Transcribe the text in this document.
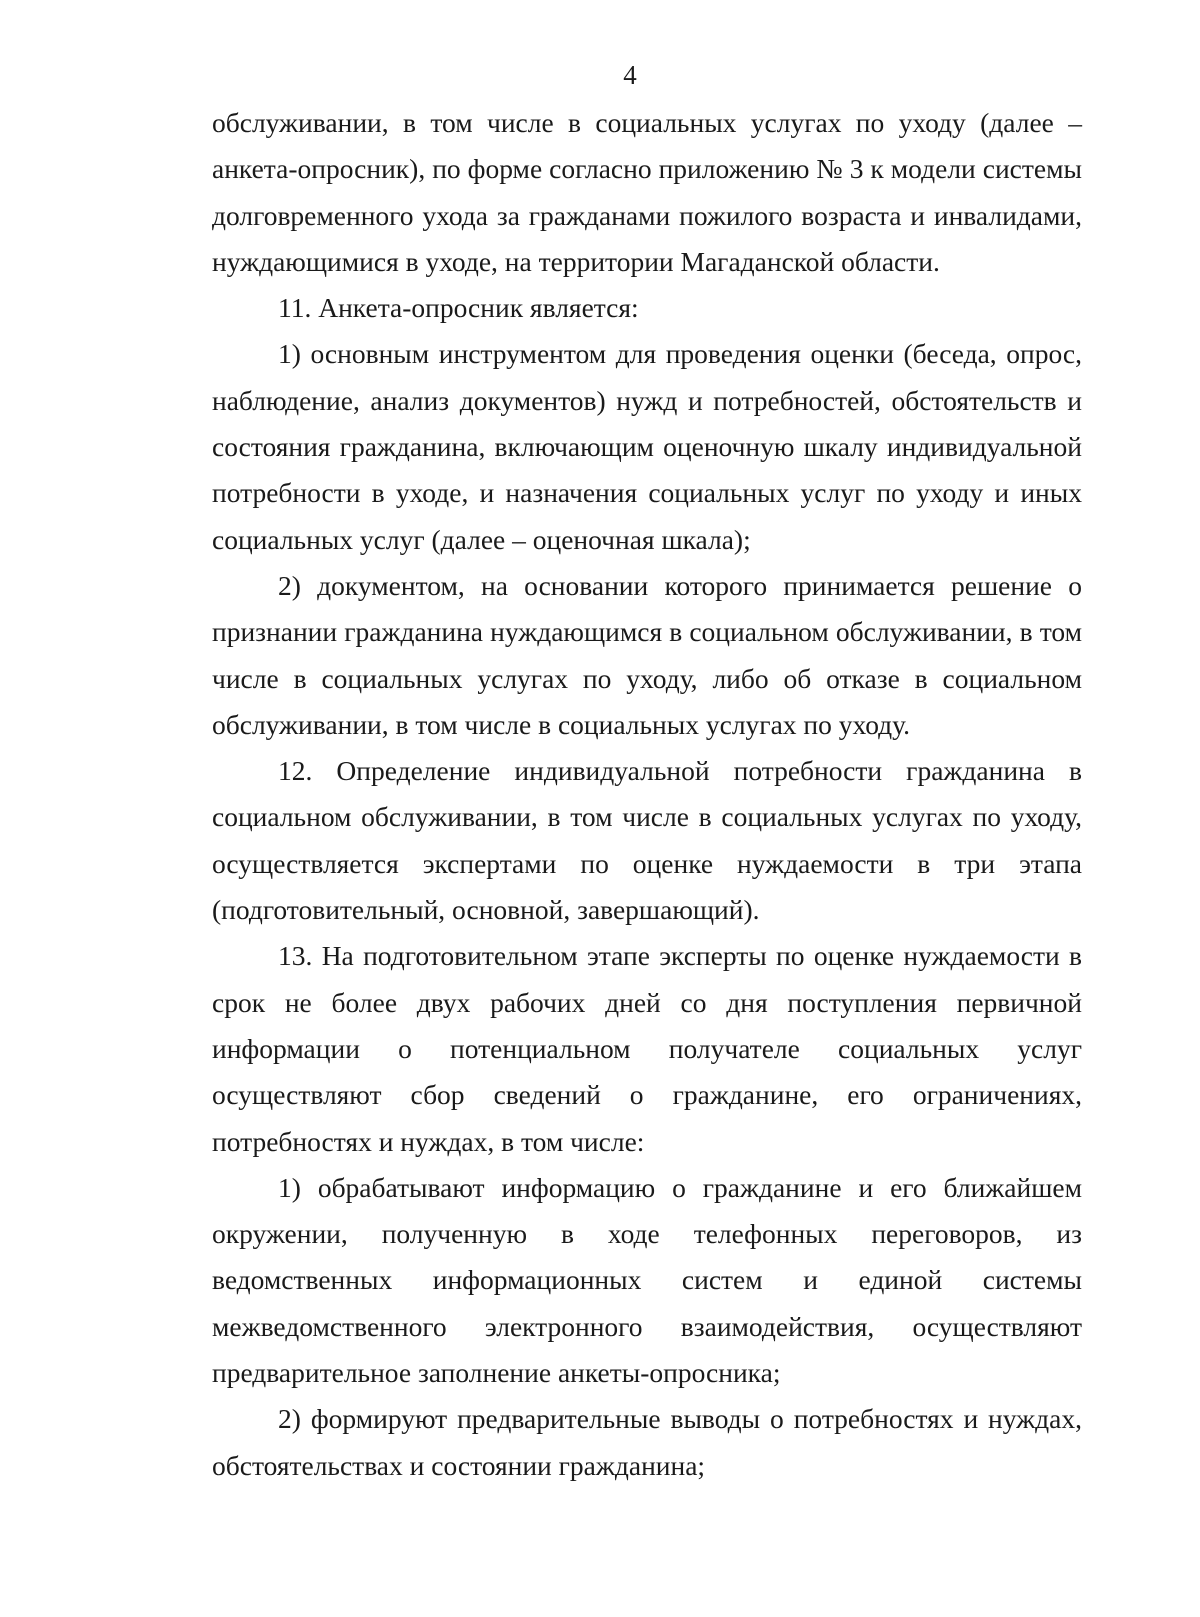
4

обслуживании, в том числе в социальных услугах по уходу (далее – анкета-опросник), по форме согласно приложению № 3 к модели системы долговременного ухода за гражданами пожилого возраста и инвалидами, нуждающимися в уходе, на территории Магаданской области.

11. Анкета-опросник является:

1) основным инструментом для проведения оценки (беседа, опрос, наблюдение, анализ документов) нужд и потребностей, обстоятельств и состояния гражданина, включающим оценочную шкалу индивидуальной потребности в уходе, и назначения социальных услуг по уходу и иных социальных услуг (далее – оценочная шкала);

2) документом, на основании которого принимается решение о признании гражданина нуждающимся в социальном обслуживании, в том числе в социальных услугах по уходу, либо об отказе в социальном обслуживании, в том числе в социальных услугах по уходу.

12. Определение индивидуальной потребности гражданина в социальном обслуживании, в том числе в социальных услугах по уходу, осуществляется экспертами по оценке нуждаемости в три этапа (подготовительный, основной, завершающий).

13. На подготовительном этапе эксперты по оценке нуждаемости в срок не более двух рабочих дней со дня поступления первичной информации о потенциальном получателе социальных услуг осуществляют сбор сведений о гражданине, его ограничениях, потребностях и нуждах, в том числе:

1) обрабатывают информацию о гражданине и его ближайшем окружении, полученную в ходе телефонных переговоров, из ведомственных информационных систем и единой системы межведомственного электронного взаимодействия, осуществляют предварительное заполнение анкеты-опросника;

2) формируют предварительные выводы о потребностях и нуждах, обстоятельствах и состоянии гражданина;
